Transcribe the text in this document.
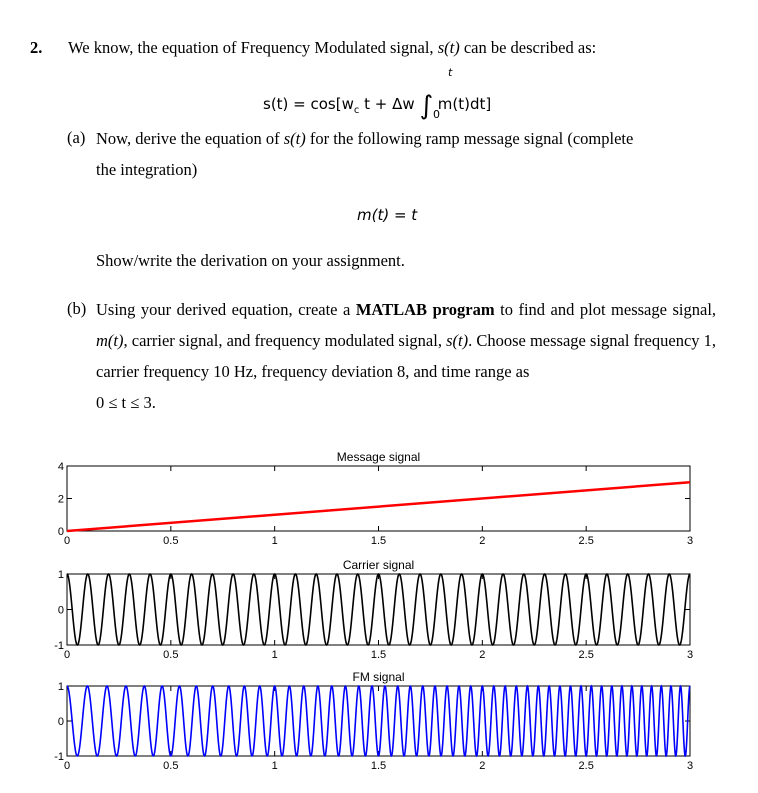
2. We know, the equation of Frequency Modulated signal, s(t) can be described as:
$s(t) = \cos[w_c$ t + Δw ∫ m(t)dt]
t
0
(a) Now, derive the equation of s(t) for the following ramp message signal (complete
the integration)
m(t) = t
Show/write the derivation on your assignment.
(b) Using your derived equation, create a MATLAB program to find and plot message signal, m(t), carrier signal, and frequency modulated signal, s(t). Choose message signal frequency 1, carrier frequency 10 Hz, frequency deviation 8, and time range as
0 ≤ t ≤ 3.
Message signal
0	0.5	1	1.5	2	2.5	3
0
2
4
Carrier signal
0	0.5	1	1.5	2	2.5	3
-1
0
1
FM signal
0	0.5	1	1.5	2	2.5	3
-1
0
1
